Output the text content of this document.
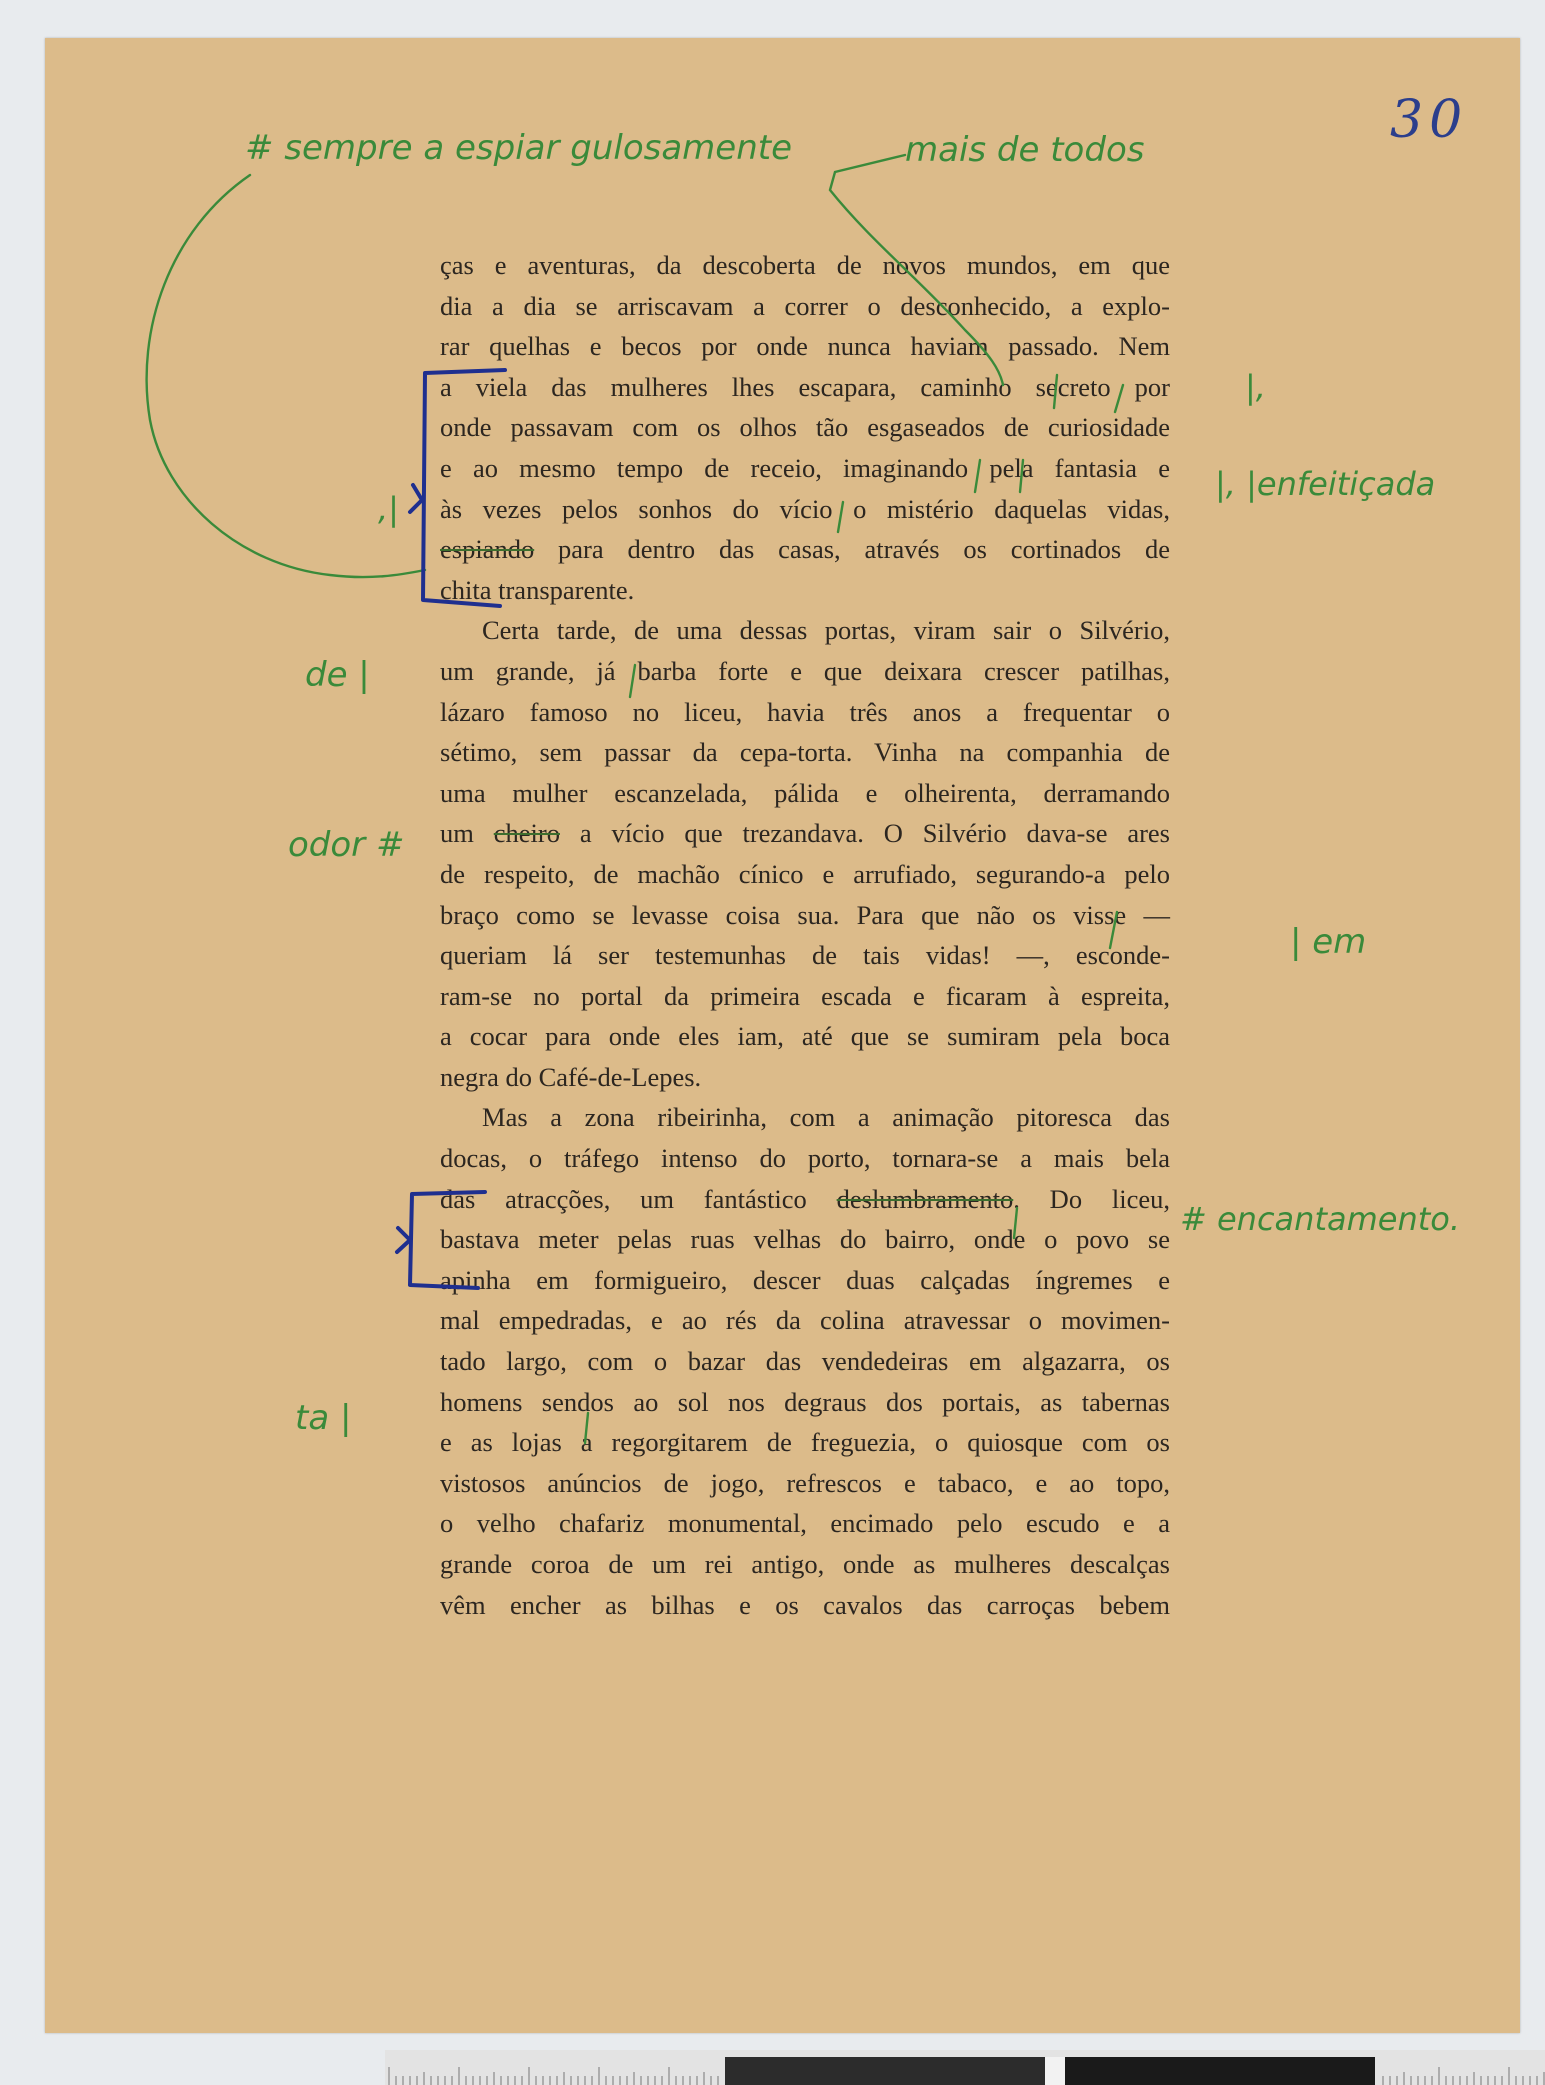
30
# sempre a espiar gulosamente	mais de todos
|,
|, |enfeitiçada
,|
de |
odor #
| em
# encantamento.
ta |

ças e aventuras, da descoberta de novos mundos, em que
dia a dia se arriscavam a correr o desconhecido, a explo-
rar quelhas e becos por onde nunca haviam passado. Nem
a viela das mulheres lhes escapara, caminho secreto por
onde passavam com os olhos tão esgaseados de curiosidade
e ao mesmo tempo de receio, imaginando pela fantasia e
às vezes pelos sonhos do vício o mistério daquelas vidas,
espiando para dentro das casas, através os cortinados de
chita transparente.

Certa tarde, de uma dessas portas, viram sair o Silvério,
um grande, já barba forte e que deixara crescer patilhas,
lázaro famoso no liceu, havia três anos a frequentar o
sétimo, sem passar da cepa-torta. Vinha na companhia de
uma mulher escanzelada, pálida e olheirenta, derramando
um cheiro a vício que trezandava. O Silvério dava-se ares
de respeito, de machão cínico e arrufiado, segurando-a pelo
braço como se levasse coisa sua. Para que não os visse —
queriam lá ser testemunhas de tais vidas! —, esconde-
ram-se no portal da primeira escada e ficaram à espreita,
a cocar para onde eles iam, até que se sumiram pela boca
negra do Café-de-Lepes.

Mas a zona ribeirinha, com a animação pitoresca das
docas, o tráfego intenso do porto, tornara-se a mais bela
das atracções, um fantástico deslumbramento. Do liceu,
bastava meter pelas ruas velhas do bairro, onde o povo se
apinha em formigueiro, descer duas calçadas íngremes e
mal empedradas, e ao rés da colina atravessar o movimen-
tado largo, com o bazar das vendedeiras em algazarra, os
homens sendos ao sol nos degraus dos portais, as tabernas
e as lojas a regorgitarem de freguezia, o quiosque com os
vistosos anúncios de jogo, refrescos e tabaco, e ao topo,
o velho chafariz monumental, encimado pelo escudo e a
grande coroa de um rei antigo, onde as mulheres descalças
vêm encher as bilhas e os cavalos das carroças bebem
